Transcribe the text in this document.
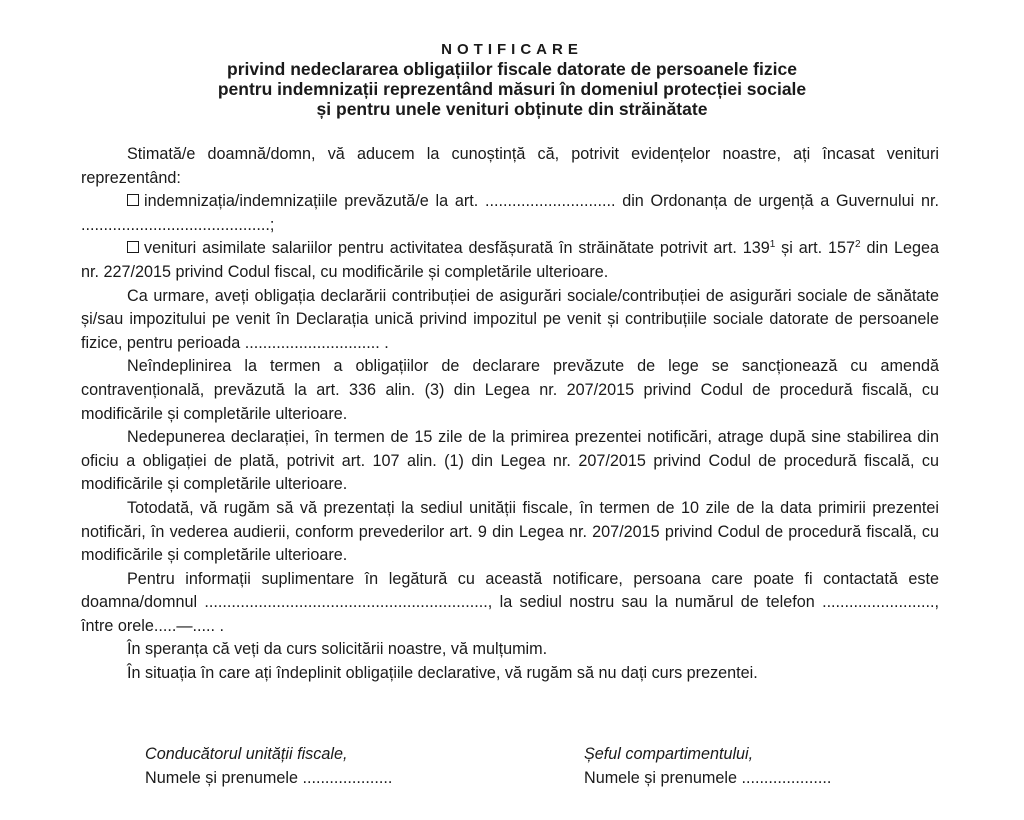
NOTIFICARE
privind nedeclararea obligațiilor fiscale datorate de persoanele fizice
pentru indemnizații reprezentând măsuri în domeniul protecției sociale
și pentru unele venituri obținute din străinătate

Stimată/e doamnă/domn, vă aducem la cunoștință că, potrivit evidențelor noastre, ați încasat venituri reprezentând:

indemnizația/indemnizațiile prevăzută/e la art. ............................. din Ordonanța de urgență a Guvernului nr. ..........................................;

venituri asimilate salariilor pentru activitatea desfășurată în străinătate potrivit art. $139^1$ și art. $157^2$ din Legea nr. 227/2015 privind Codul fiscal, cu modificările și completările ulterioare.

Ca urmare, aveți obligația declarării contribuției de asigurări sociale/contribuției de asigurări sociale de sănătate și/sau impozitului pe venit în Declarația unică privind impozitul pe venit și contribuțiile sociale datorate de persoanele fizice, pentru perioada .............................. .

Neîndeplinirea la termen a obligațiilor de declarare prevăzute de lege se sancționează cu amendă contravențională, prevăzută la art. 336 alin. (3) din Legea nr. 207/2015 privind Codul de procedură fiscală, cu modificările și completările ulterioare.

Nedepunerea declarației, în termen de 15 zile de la primirea prezentei notificări, atrage după sine stabilirea din oficiu a obligației de plată, potrivit art. 107 alin. (1) din Legea nr. 207/2015 privind Codul de procedură fiscală, cu modificările și completările ulterioare.

Totodată, vă rugăm să vă prezentați la sediul unității fiscale, în termen de 10 zile de la data primirii prezentei notificări, în vederea audierii, conform prevederilor art. 9 din Legea nr. 207/2015 privind Codul de procedură fiscală, cu modificările și completările ulterioare.

Pentru informații suplimentare în legătură cu această notificare, persoana care poate fi contactată este doamna/domnul ..............................................................., la sediul nostru sau la numărul de telefon ........................., între orele.....—..... .

În speranța că veți da curs solicitării noastre, vă mulțumim.

În situația în care ați îndeplinit obligațiile declarative, vă rugăm să nu dați curs prezentei.

Conducătorul unității fiscale,
Numele și prenumele ....................
Șeful compartimentului,
Numele și prenumele ....................
